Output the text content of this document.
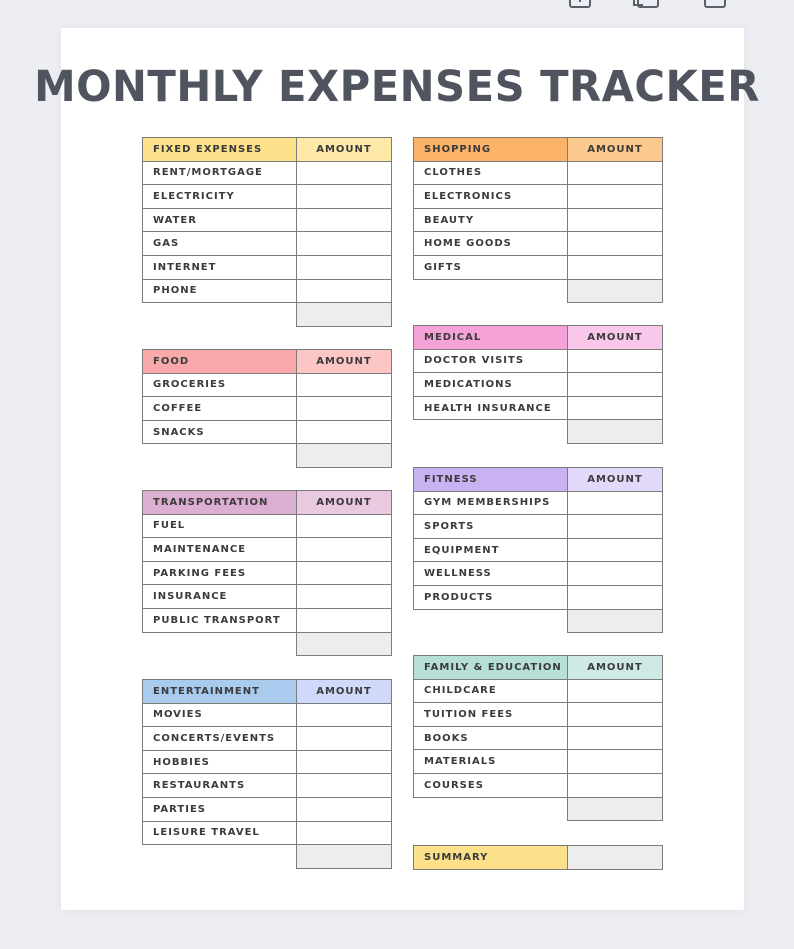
MONTHLY EXPENSES TRACKER
FIXED EXPENSES	AMOUNT
RENT/MORTGAGE	
ELECTRICITY	
WATER	
GAS	
INTERNET	
PHONE	

FOOD	AMOUNT
GROCERIES	
COFFEE	
SNACKS	

TRANSPORTATION	AMOUNT
FUEL	
MAINTENANCE	
PARKING FEES	
INSURANCE	
PUBLIC TRANSPORT	

ENTERTAINMENT	AMOUNT
MOVIES	
CONCERTS/EVENTS	
HOBBIES	
RESTAURANTS	
PARTIES	
LEISURE TRAVEL	

SHOPPING	AMOUNT
CLOTHES	
ELECTRONICS	
BEAUTY	
HOME GOODS	
GIFTS	

MEDICAL	AMOUNT
DOCTOR VISITS	
MEDICATIONS	
HEALTH INSURANCE	

FITNESS	AMOUNT
GYM MEMBERSHIPS	
SPORTS	
EQUIPMENT	
WELLNESS	
PRODUCTS	

FAMILY & EDUCATION	AMOUNT
CHILDCARE	
TUITION FEES	
BOOKS	
MATERIALS	
COURSES	

SUMMARY	
